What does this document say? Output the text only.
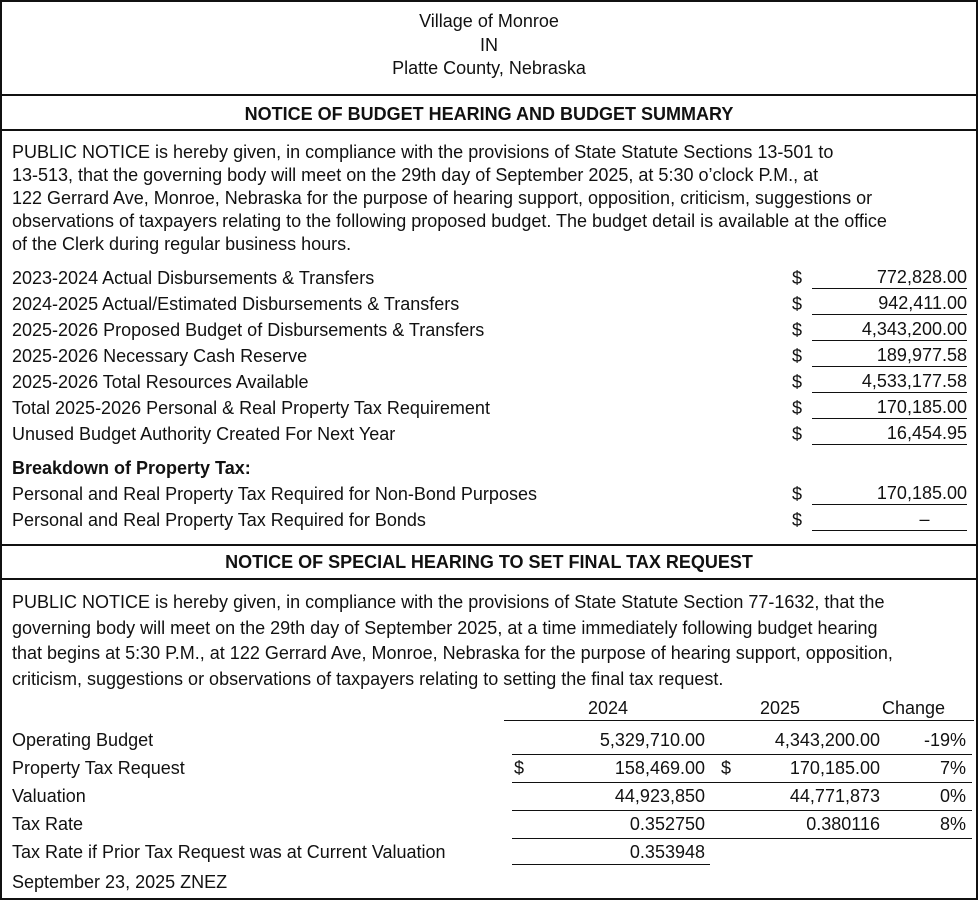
Village of Monroe
IN
Platte County, Nebraska
NOTICE OF BUDGET HEARING AND BUDGET SUMMARY
PUBLIC NOTICE is hereby given, in compliance with the provisions of State Statute Sections 13-501 to
13-513, that the governing body will meet on the 29th day of September 2025, at 5:30 o’clock P.M., at
122 Gerrard Ave, Monroe, Nebraska for the purpose of hearing support, opposition, criticism, suggestions or
observations of taxpayers relating to the following proposed budget. The budget detail is available at the office
of the Clerk during regular business hours.
2023-2024 Actual Disbursements & Transfers	$	772,828.00
2024-2025 Actual/Estimated Disbursements & Transfers	$	942,411.00
2025-2026 Proposed Budget of Disbursements & Transfers	$	4,343,200.00
2025-2026 Necessary Cash Reserve	$	189,977.58
2025-2026 Total Resources Available	$	4,533,177.58
Total 2025-2026 Personal & Real Property Tax Requirement	$	170,185.00
Unused Budget Authority Created For Next Year	$	16,454.95
Breakdown of Property Tax:
Personal and Real Property Tax Required for Non-Bond Purposes	$	170,185.00
Personal and Real Property Tax Required for Bonds	$	–
NOTICE OF SPECIAL HEARING TO SET FINAL TAX REQUEST
PUBLIC NOTICE is hereby given, in compliance with the provisions of State Statute Section 77-1632, that the
governing body will meet on the 29th day of September 2025, at a time immediately following budget hearing
that begins at 5:30 P.M., at 122 Gerrard Ave, Monroe, Nebraska for the purpose of hearing support, opposition,
criticism, suggestions or observations of taxpayers relating to setting the final tax request.
2024	2025	Change
Operating Budget	5,329,710.00	4,343,200.00	-19%
Property Tax Request	$	158,469.00 $	170,185.00	7%
Valuation	44,923,850	44,771,873	0%
Tax Rate	0.352750	0.380116	8%
Tax Rate if Prior Tax Request was at Current Valuation	0.353948
September 23, 2025 ZNEZ
